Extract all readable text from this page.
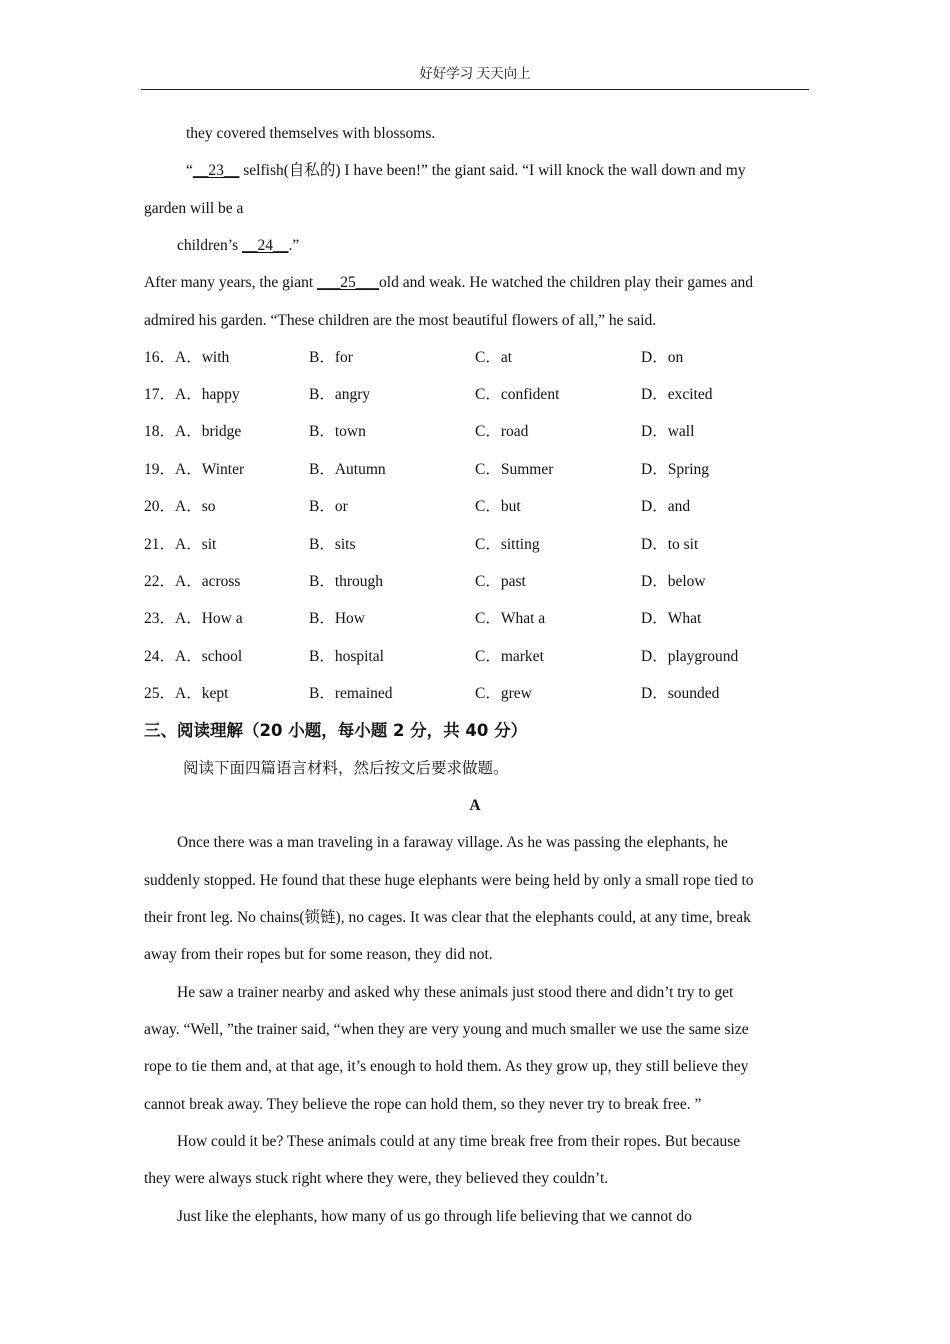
好好学习 天天向上
they covered themselves with blossoms.
“__23__ selfish(自私的) I have been!” the giant said. “I will knock the wall down and my
garden will be a
children’s __24__.”
After many years, the giant ___25___old and weak. He watched the children play their games and
admired his garden. “These children are the most beautiful flowers of all,” he said.
16．A．with	B．for	C．at	D．on
17．A．happy	B．angry	C．confident	D．excited
18．A．bridge	B．town	C．road	D．wall
19．A．Winter	B．Autumn	C．Summer	D．Spring
20．A．so	B．or	C．but	D．and
21．A．sit	B．sits	C．sitting	D．to sit
22．A．across	B．through	C．past	D．below
23．A．How a	B．How	C．What a	D．What
24．A．school	B．hospital	C．market	D．playground
25．A．kept	B．remained	C．grew	D．sounded
三、阅读理解（20 小题，每小题 2 分，共 40 分）
阅读下面四篇语言材料，然后按文后要求做题。
A
Once there was a man traveling in a faraway village. As he was passing the elephants, he
suddenly stopped. He found that these huge elephants were being held by only a small rope tied to
their front leg. No chains(锁链), no cages. It was clear that the elephants could, at any time, break
away from their ropes but for some reason, they did not.
He saw a trainer nearby and asked why these animals just stood there and didn’t try to get
away. “Well, ”the trainer said, “when they are very young and much smaller we use the same size
rope to tie them and, at that age, it’s enough to hold them. As they grow up, they still believe they
cannot break away. They believe the rope can hold them, so they never try to break free. ”
How could it be? These animals could at any time break free from their ropes. But because
they were always stuck right where they were, they believed they couldn’t.
Just like the elephants, how many of us go through life believing that we cannot do
